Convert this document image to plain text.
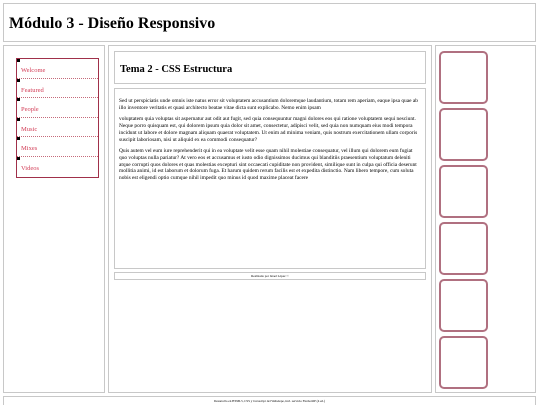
Módulo 3 - Diseño Responsivo
Welcome
Featured
People
Music
Mixes
Videos
Tema 2 - CSS Estructura

Sed ut perspiciatis unde omnis iste natus error sit voluptatem accusantium doloremque laudantium, totam rem aperiam, eaque ipsa quae ab illo inventore veritatis et quasi architecto beatae vitae dicta sunt explicabo. Nemo enim ipsam

voluptatem quia voluptas sit aspernatur aut odit aut fugit, sed quia consequuntur magni dolores eos qui ratione voluptatem sequi nesciunt. Neque porro quisquam est, qui dolorem ipsum quia dolor sit amet, consectetur, adipisci velit, sed quia non numquam eius modi tempora incidunt ut labore et dolore magnam aliquam quaerat voluptatem. Ut enim ad minima veniam, quis nostrum exercitationem ullam corporis suscipit laboriosam, nisi ut aliquid ex ea commodi consequatur?

Quis autem vel eum iure reprehenderit qui in ea voluptate velit esse quam nihil molestiae consequatur, vel illum qui dolorem eum fugiat quo voluptas nulla pariatur? At vero eos et accusamus et iusto odio dignissimos ducimus qui blanditiis praesentium voluptatum deleniti atque corrupti quos dolores et quas molestias excepturi sint occaecati cupiditate non provident, similique sunt in culpa qui officia deserunt mollitia animi, id est laborum et dolorum fuga. Et harum quidem rerum facilis est et expedita distinctio. Nam libero tempore, cum soluta nobis est eligendi optio cumque nihil impedit quo minus id quod maxime placeat facere

Realizado por Israel López ©
Desarrollo en HTML5, CSS y Javascript del Webelepe, incl. servicio FirebotOP (4 ed.)
